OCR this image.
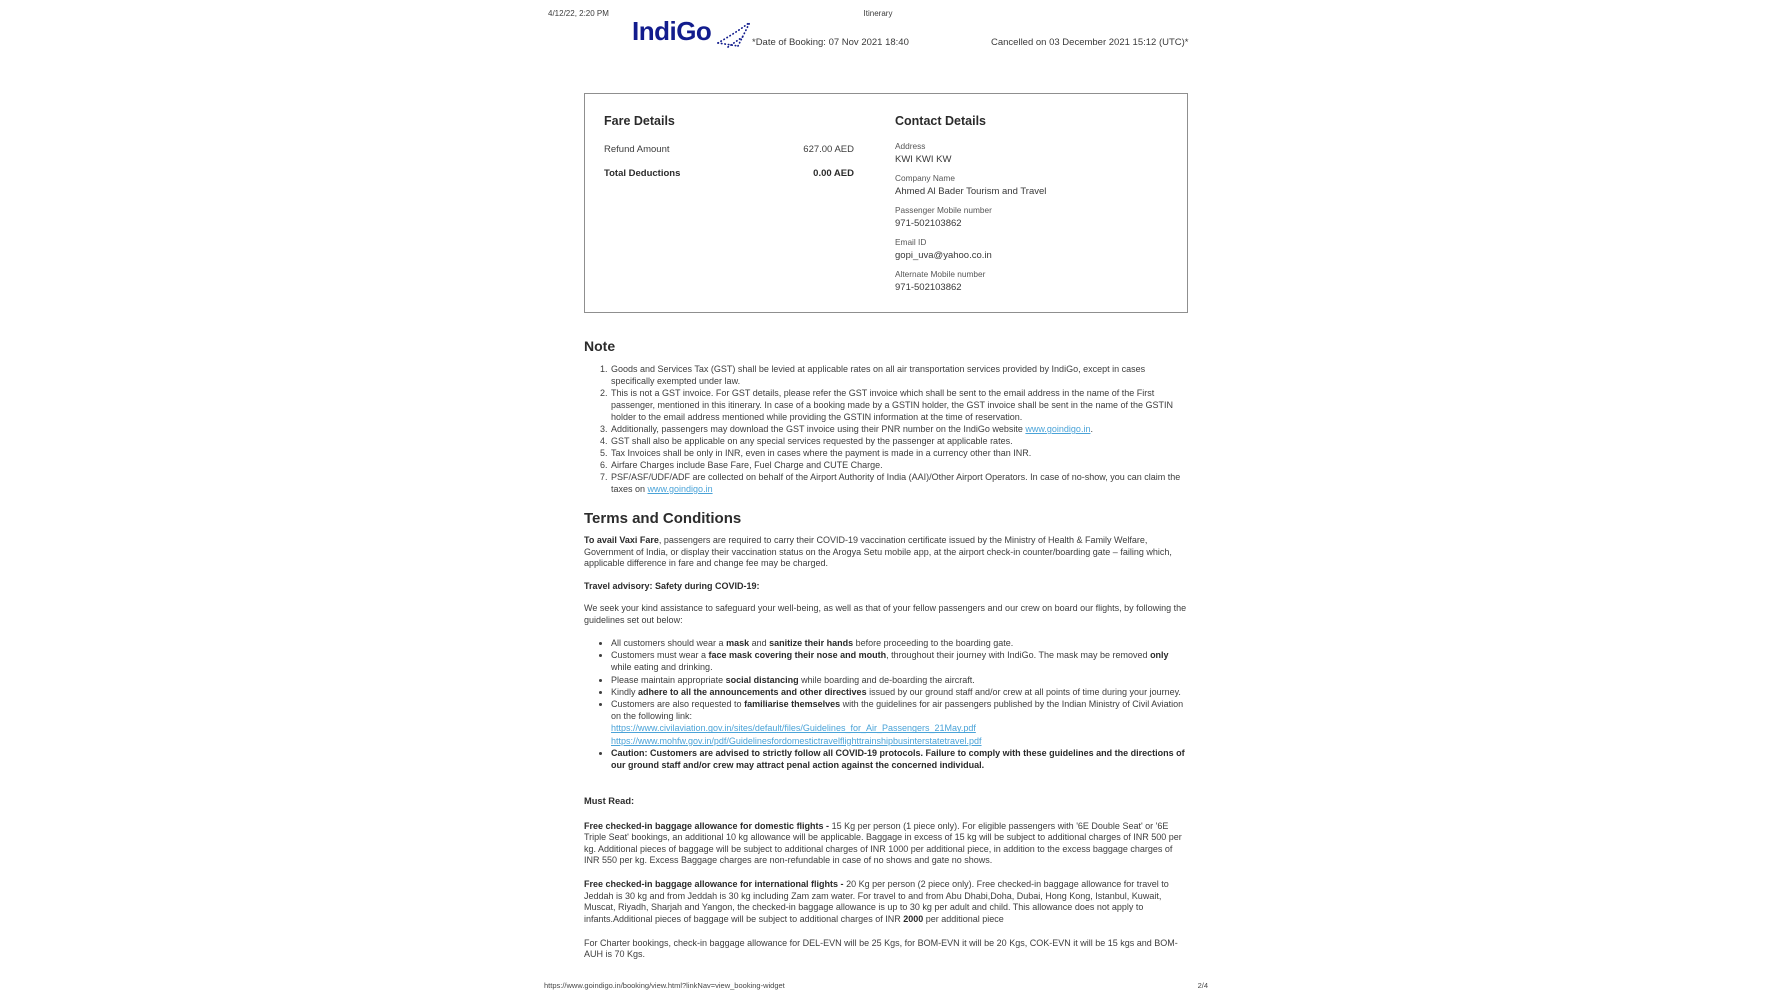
4/12/22, 2:20 PM	Itinerary
IndiGo	*Date of Booking: 07 Nov 2021 18:40	Cancelled on 03 December 2021 15:12 (UTC)*
Fare Details
Refund Amount	627.00 AED
Total Deductions	0.00 AED
Contact Details
Address
KWI KWI KW
Company Name
Ahmed Al Bader Tourism and Travel
Passenger Mobile number
971-502103862
Email ID
gopi_uva@yahoo.co.in
Alternate Mobile number
971-502103862
Note
1. Goods and Services Tax (GST) shall be levied at applicable rates on all air transportation services provided by IndiGo, except in cases specifically exempted under law.
2. This is not a GST invoice. For GST details, please refer the GST invoice which shall be sent to the email address in the name of the First passenger, mentioned in this itinerary. In case of a booking made by a GSTIN holder, the GST invoice shall be sent in the name of the GSTIN holder to the email address mentioned while providing the GSTIN information at the time of reservation.
3. Additionally, passengers may download the GST invoice using their PNR number on the IndiGo website www.goindigo.in.
4. GST shall also be applicable on any special services requested by the passenger at applicable rates.
5. Tax Invoices shall be only in INR, even in cases where the payment is made in a currency other than INR.
6. Airfare Charges include Base Fare, Fuel Charge and CUTE Charge.
7. PSF/ASF/UDF/ADF are collected on behalf of the Airport Authority of India (AAI)/Other Airport Operators. In case of no-show, you can claim the taxes on www.goindigo.in
Terms and Conditions

To avail Vaxi Fare, passengers are required to carry their COVID-19 vaccination certificate issued by the Ministry of Health & Family Welfare, Government of India, or display their vaccination status on the Arogya Setu mobile app, at the airport check-in counter/boarding gate – failing which, applicable difference in fare and change fee may be charged.

Travel advisory: Safety during COVID-19:

We seek your kind assistance to safeguard your well-being, as well as that of your fellow passengers and our crew on board our flights, by following the guidelines set out below:

• All customers should wear a mask and sanitize their hands before proceeding to the boarding gate.
• Customers must wear a face mask covering their nose and mouth, throughout their journey with IndiGo. The mask may be removed only while eating and drinking.
• Please maintain appropriate social distancing while boarding and de-boarding the aircraft.
• Kindly adhere to all the announcements and other directives issued by our ground staff and/or crew at all points of time during your journey.
• Customers are also requested to familiarise themselves with the guidelines for air passengers published by the Indian Ministry of Civil Aviation on the following link:
https://www.civilaviation.gov.in/sites/default/files/Guidelines_for_Air_Passengers_21May.pdf
https://www.mohfw.gov.in/pdf/Guidelinesfordomestictravelflighttrainshipbusinterstatetravel.pdf
• Caution: Customers are advised to strictly follow all COVID-19 protocols. Failure to comply with these guidelines and the directions of our ground staff and/or crew may attract penal action against the concerned individual.

Must Read:

Free checked-in baggage allowance for domestic flights - 15 Kg per person (1 piece only). For eligible passengers with '6E Double Seat' or '6E Triple Seat' bookings, an additional 10 kg allowance will be applicable. Baggage in excess of 15 kg will be subject to additional charges of INR 500 per kg. Additional pieces of baggage will be subject to additional charges of INR 1000 per additional piece, in addition to the excess baggage charges of INR 550 per kg. Excess Baggage charges are non-refundable in case of no shows and gate no shows.

Free checked-in baggage allowance for international flights - 20 Kg per person (2 piece only). Free checked-in baggage allowance for travel to Jeddah is 30 kg and from Jeddah is 30 kg including Zam zam water. For travel to and from Abu Dhabi,Doha, Dubai, Hong Kong, Istanbul, Kuwait, Muscat, Riyadh, Sharjah and Yangon, the checked-in baggage allowance is up to 30 kg per adult and child. This allowance does not apply to infants.Additional pieces of baggage will be subject to additional charges of INR 2000 per additional piece

For Charter bookings, check-in baggage allowance for DEL-EVN will be 25 Kgs, for BOM-EVN it will be 20 Kgs, COK-EVN it will be 15 kgs and BOM-AUH is 70 Kgs.

https://www.goindigo.in/booking/view.html?linkNav=view_booking-widget	2/4
